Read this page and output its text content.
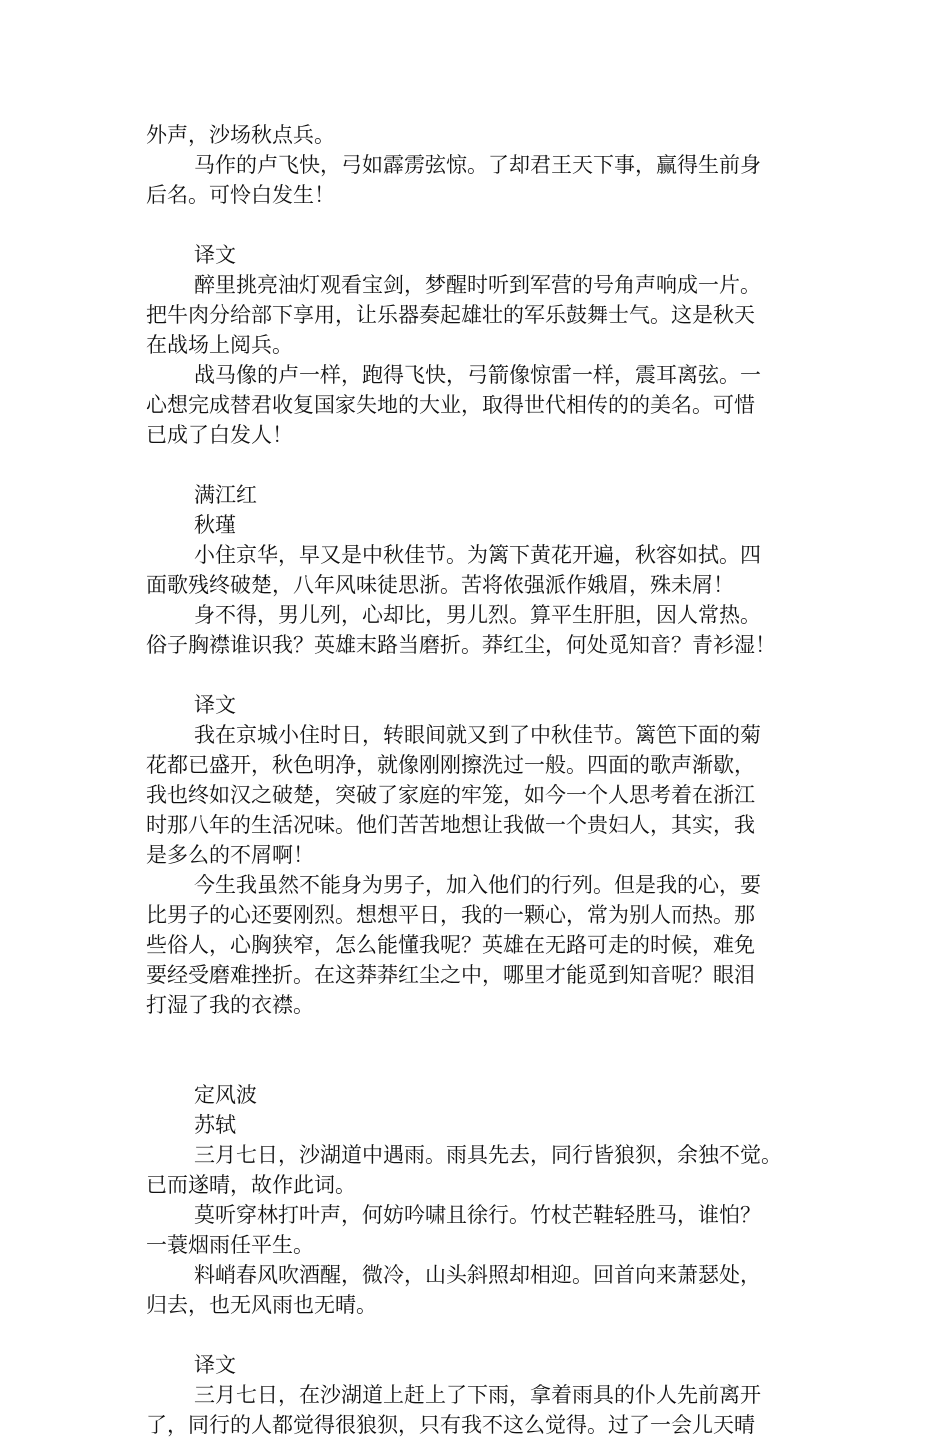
外声，沙场秋点兵。
马作的卢飞快，弓如霹雳弦惊。了却君王天下事，赢得生前身
后名。可怜白发生！
译文
醉里挑亮油灯观看宝剑，梦醒时听到军营的号角声响成一片。
把牛肉分给部下享用，让乐器奏起雄壮的军乐鼓舞士气。这是秋天
在战场上阅兵。
战马像的卢一样，跑得飞快，弓箭像惊雷一样，震耳离弦。一
心想完成替君收复国家失地的大业，取得世代相传的的美名。可惜
已成了白发人！
满江红
秋瑾
小住京华，早又是中秋佳节。为篱下黄花开遍，秋容如拭。四
面歌残终破楚，八年风味徒思浙。苦将侬强派作娥眉，殊未屑！
身不得，男儿列，心却比，男儿烈。算平生肝胆，因人常热。
俗子胸襟谁识我？英雄末路当磨折。莽红尘，何处觅知音？青衫湿！
译文
我在京城小住时日，转眼间就又到了中秋佳节。篱笆下面的菊
花都已盛开，秋色明净，就像刚刚擦洗过一般。四面的歌声渐歇，
我也终如汉之破楚，突破了家庭的牢笼，如今一个人思考着在浙江
时那八年的生活况味。他们苦苦地想让我做一个贵妇人，其实，我
是多么的不屑啊！
今生我虽然不能身为男子，加入他们的行列。但是我的心，要
比男子的心还要刚烈。想想平日，我的一颗心，常为别人而热。那
些俗人，心胸狭窄，怎么能懂我呢？英雄在无路可走的时候，难免
要经受磨难挫折。在这莽莽红尘之中，哪里才能觅到知音呢？眼泪
打湿了我的衣襟。
定风波
苏轼
三月七日，沙湖道中遇雨。雨具先去，同行皆狼狈，余独不觉。
已而遂晴，故作此词。
莫听穿林打叶声，何妨吟啸且徐行。竹杖芒鞋轻胜马，谁怕？
一蓑烟雨任平生。
料峭春风吹酒醒，微冷，山头斜照却相迎。回首向来萧瑟处，
归去，也无风雨也无晴。
译文
三月七日，在沙湖道上赶上了下雨，拿着雨具的仆人先前离开
了，同行的人都觉得很狼狈，只有我不这么觉得。过了一会儿天晴
